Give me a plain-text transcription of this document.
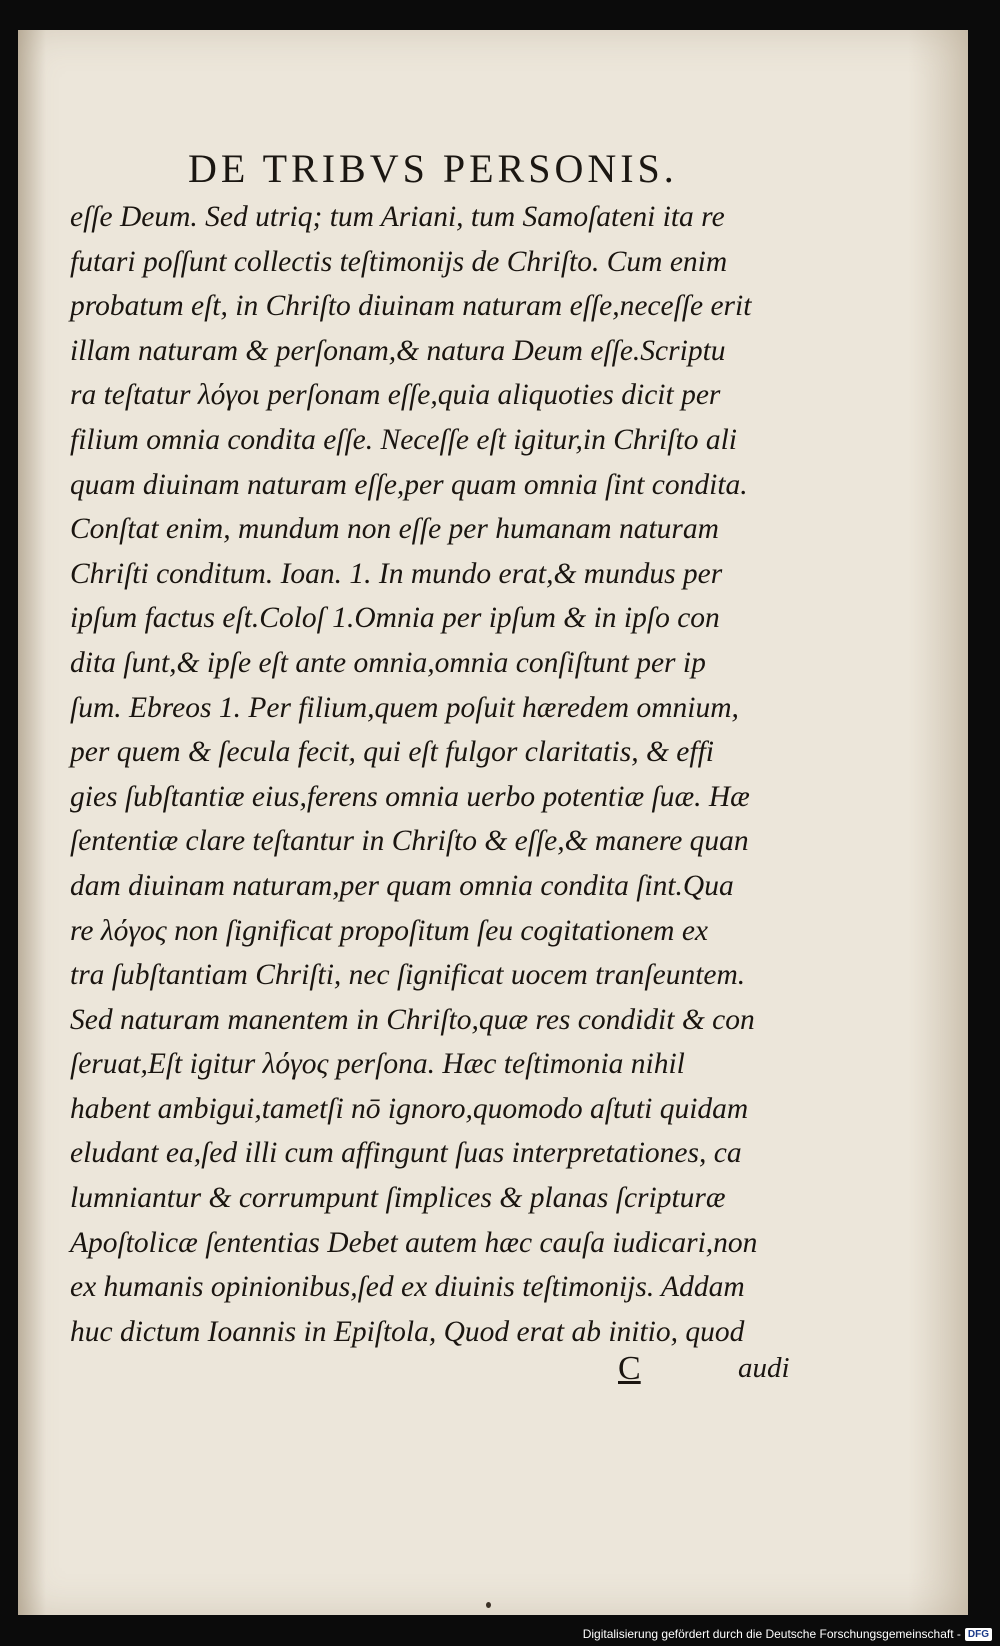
DE TRIBVS PERSONIS.
eſſe Deum. Sed utriq; tum Ariani, tum Samoſateni ita re
futari poſſunt collectis teſtimonijs de Chriſto. Cum enim
probatum eſt, in Chriſto diuinam naturam eſſe,neceſſe erit
illam naturam & perſonam,& natura Deum eſſe.Scriptu
ra teſtatur λόγοι perſonam eſſe,quia aliquoties dicit per
filium omnia condita eſſe. Neceſſe eſt igitur,in Chriſto ali
quam diuinam naturam eſſe,per quam omnia ſint condita.
Conſtat enim, mundum non eſſe per humanam naturam
Chriſti conditum. Ioan. 1. In mundo erat,& mundus per
ipſum factus eſt.Coloſ 1.Omnia per ipſum & in ipſo con
dita ſunt,& ipſe eſt ante omnia,omnia conſiſtunt per ip
ſum. Ebreos 1. Per filium,quem poſuit hæredem omnium,
per quem & ſecula fecit, qui eſt fulgor claritatis, & effi
gies ſubſtantiæ eius,ferens omnia uerbo potentiæ ſuæ. Hæ
ſententiæ clare teſtantur in Chriſto & eſſe,& manere quan
dam diuinam naturam,per quam omnia condita ſint.Qua
re λόγος non ſignificat propoſitum ſeu cogitationem ex
tra ſubſtantiam Chriſti, nec ſignificat uocem tranſeuntem.
Sed naturam manentem in Chriſto,quæ res condidit & con
ſeruat,Eſt igitur λόγος perſona. Hæc teſtimonia nihil
habent ambigui,tametſi nō ignoro,quomodo aſtuti quidam
eludant ea,ſed illi cum affingunt ſuas interpretationes, ca
lumniantur & corrumpunt ſimplices & planas ſcripturæ
Apoſtolicæ ſententias Debet autem hæc cauſa iudicari,non
ex humanis opinionibus,ſed ex diuinis teſtimonijs. Addam
huc dictum Ioannis in Epiſtola, Quod erat ab initio, quod
C	audi
Digitalisierung gefördert durch die Deutsche Forschungsgemeinschaft - DFG
